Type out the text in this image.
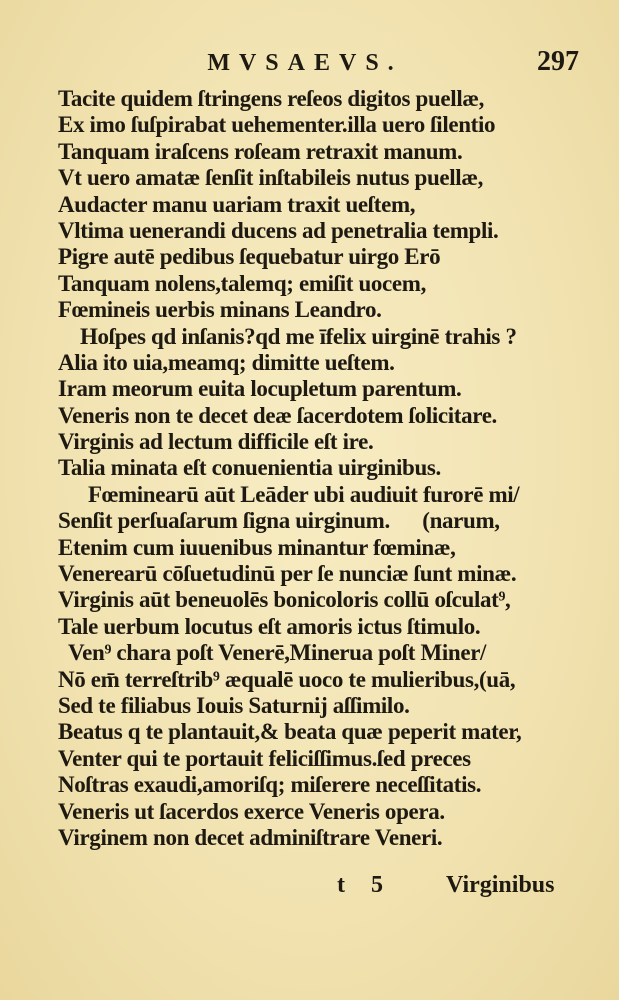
MVSAEVS.	297
Tacite quidem ſtringens reſeos digitos puellæ,
Ex imo ſuſpirabat uehementer.illa uero ſilentio
Tanquam iraſcens roſeam retraxit manum.
Vt uero amatæ ſenſit inſtabileis nutus puellæ,
Audacter manu uariam traxit ueſtem,
Vltima uenerandi ducens ad penetralia templi.
Pigre autē pedibus ſequebatur uirgo Erō
Tanquam nolens,talemq; emiſit uocem,
Fœmineis uerbis minans Leandro.
Hoſpes qd inſanis?qd me īfelix uirginē trahis ?
Alia ito uia,meamq; dimitte ueſtem.
Iram meorum euita locupletum parentum.
Veneris non te decet deæ ſacerdotem ſolicitare.
Virginis ad lectum difficile eſt ire.
Talia minata eſt conuenientia uirginibus.
Fœminearū aūt Leāder ubi audiuit furorē mi/
Senſit perſuaſarum ſigna uirginum.      (narum,
Etenim cum iuuenibus minantur fœminæ,
Venerearū cōſuetudinū per ſe nunciæ ſunt minæ.
Virginis aūt beneuolēs bonicoloris collū oſculat⁹,
Tale uerbum locutus eſt amoris ictus ſtimulo.
Ven⁹ chara poſt Venerē,Minerua poſt Miner/
Nō em̄ terreſtrib⁹ æqualē uoco te mulieribus,(uā,
Sed te filiabus Iouis Saturnij aſſimilo.
Beatus q te plantauit,& beata quæ peperit mater,
Venter qui te portauit feliciſſimus.ſed preces
Noſtras exaudi,amoriſq; miſerere neceſſitatis.
Veneris ut ſacerdos exerce Veneris opera.
Virginem non decet adminiſtrare Veneri.
t 5 Virginibus
